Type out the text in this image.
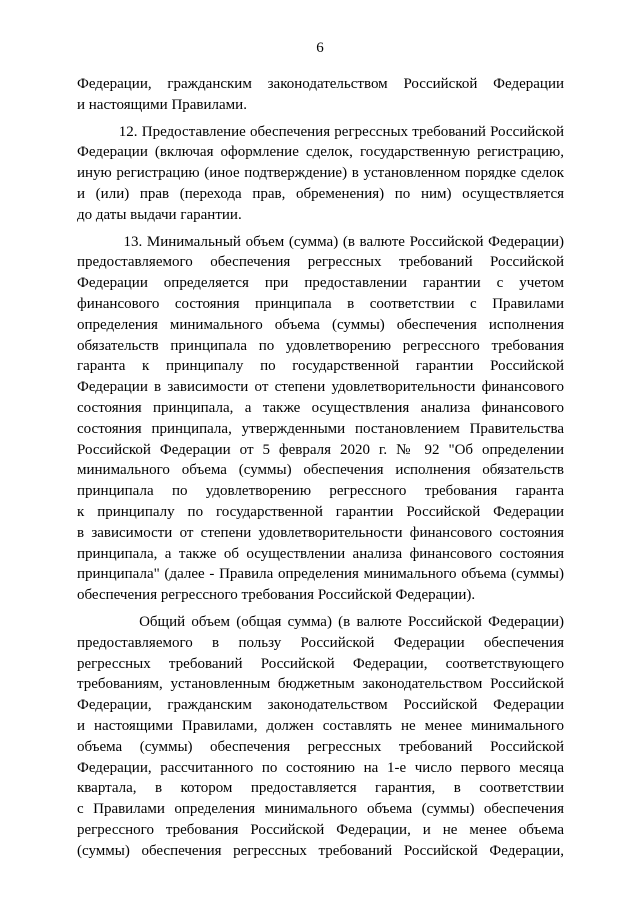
6
Федерации, гражданским законодательством Российской Федерации
и настоящими Правилами.
12. Предоставление обеспечения регрессных требований Российской
Федерации (включая оформление сделок, государственную регистрацию,
иную регистрацию (иное подтверждение) в установленном порядке сделок
и (или) прав (перехода прав, обременения) по ним) осуществляется
до даты выдачи гарантии.
13. Минимальный объем (сумма) (в валюте Российской Федерации)
предоставляемого обеспечения регрессных требований Российской
Федерации определяется при предоставлении гарантии с учетом
финансового состояния принципала в соответствии с Правилами
определения минимального объема (суммы) обеспечения исполнения
обязательств принципала по удовлетворению регрессного требования
гаранта к принципалу по государственной гарантии Российской
Федерации в зависимости от степени удовлетворительности финансового
состояния принципала, а также осуществления анализа финансового
состояния принципала, утвержденными постановлением Правительства
Российской Федерации от 5 февраля 2020 г. № 92 "Об определении
минимального объема (суммы) обеспечения исполнения обязательств
принципала по удовлетворению регрессного требования гаранта
к принципалу по государственной гарантии Российской Федерации
в зависимости от степени удовлетворительности финансового состояния
принципала, а также об осуществлении анализа финансового состояния
принципала" (далее - Правила определения минимального объема (суммы)
обеспечения регрессного требования Российской Федерации).
Общий объем (общая сумма) (в валюте Российской Федерации)
предоставляемого в пользу Российской Федерации обеспечения
регрессных требований Российской Федерации, соответствующего
требованиям, установленным бюджетным законодательством Российской
Федерации, гражданским законодательством Российской Федерации
и настоящими Правилами, должен составлять не менее минимального
объема (суммы) обеспечения регрессных требований Российской
Федерации, рассчитанного по состоянию на 1-е число первого месяца
квартала, в котором предоставляется гарантия, в соответствии
с Правилами определения минимального объема (суммы) обеспечения
регрессного требования Российской Федерации, и не менее объема
(суммы) обеспечения регрессных требований Российской Федерации,
